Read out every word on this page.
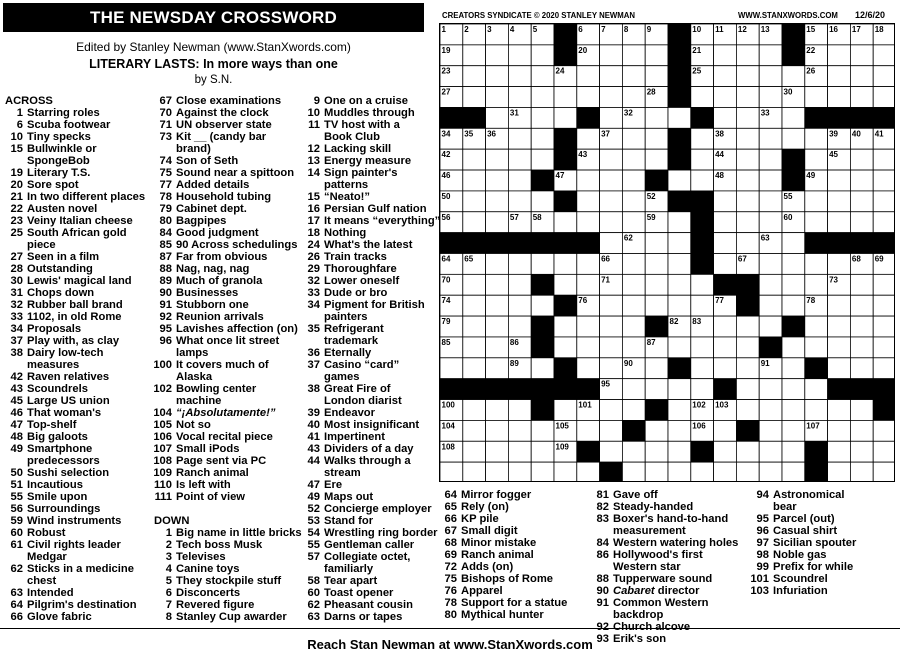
THE NEWSDAY CROSSWORD
Edited by Stanley Newman (www.StanXwords.com)
LITERARY LASTS: In more ways than one
by S.N.
ACROSS
1 Starring roles
6 Scuba footwear
10 Tiny specks
15 Bullwinkle or
SpongeBob
19 Literary T.S.
20 Sore spot
21 In two different places
22 Austen novel
23 Veiny Italian cheese
25 South African gold
piece
27 Seen in a film
28 Outstanding
30 Lewis' magical land
31 Chops down
32 Rubber ball brand
33 1102, in old Rome
34 Proposals
37 Play with, as clay
38 Dairy low-tech
measures
42 Raven relatives
43 Scoundrels
45 Large US union
46 That woman's
47 Top-shelf
48 Big galoots
49 Smartphone
predecessors
50 Sushi selection
51 Incautious
55 Smile upon
56 Surroundings
59 Wind instruments
60 Robust
61 Civil rights leader
Medgar
62 Sticks in a medicine
chest
63 Intended
64 Pilgrim's destination
66 Glove fabric
67 Close examinations
70 Against the clock
71 UN observer state
73 Kit __ (candy bar
brand)
74 Son of Seth
75 Sound near a spittoon
77 Added details
78 Household tubing
79 Cabinet dept.
80 Bagpipes
84 Good judgment
85 90 Across schedulings
87 Far from obvious
88 Nag, nag, nag
89 Much of granola
90 Businesses
91 Stubborn one
92 Reunion arrivals
95 Lavishes affection (on)
96 What once lit street
lamps
100 It covers much of
Alaska
102 Bowling center
machine
104 “¡Absolutamente!”
105 Not so
106 Vocal recital piece
107 Small iPods
108 Page sent via PC
109 Ranch animal
110 Is left with
111 Point of view
DOWN
1 Big name in little bricks
2 Tech boss Musk
3 Televises
4 Canine toys
5 They stockpile stuff
6 Disconcerts
7 Revered figure
8 Stanley Cup awarder
9 One on a cruise
10 Muddles through
11 TV host with a
Book Club
12 Lacking skill
13 Energy measure
14 Sign painter's
patterns
15 “Neato!”
16 Persian Gulf nation
17 It means “everything”
18 Nothing
24 What's the latest
26 Train tracks
29 Thoroughfare
32 Lower oneself
33 Dude or bro
34 Pigment for British
painters
35 Refrigerant
trademark
36 Eternally
37 Casino “card”
games
38 Great Fire of
London diarist
39 Endeavor
40 Most insignificant
41 Impertinent
43 Dividers of a day
44 Walks through a
stream
47 Ere
49 Maps out
52 Concierge employer
53 Stand for
54 Wrestling ring border
55 Gentleman caller
57 Collegiate octet,
familiarly
58 Tear apart
60 Toast opener
62 Pheasant cousin
63 Darns or tapes
64 Mirror fogger
65 Rely (on)
66 KP pile
67 Small digit
68 Minor mistake
69 Ranch animal
72 Adds (on)
75 Bishops of Rome
76 Apparel
78 Support for a statue
80 Mythical hunter
81 Gave off
82 Steady-handed
83 Boxer's hand-to-hand
measurement
84 Western watering holes
86 Hollywood's first
Western star
88 Tupperware sound
90 Cabaret director
91 Common Western
backdrop
92 Church alcove
93 Erik's son
94 Astronomical
bear
95 Parcel (out)
96 Casual shirt
97 Sicilian spouter
98 Noble gas
99 Prefix for while
101 Scoundrel
103 Infuriation
CREATORS SYNDICATE © 2020 STANLEY NEWMAN	WWW.STANXWORDS.COM 12/6/20
1 2 3 4 5	6 7 8 9	10 11 12 13 14 15 16 17 18
19	20	21	22
23	24	25	26
27	28 29	30
31	32	33
34 35 36	37	38	39 40 41
42	43	44	45
46	47	48	49
50	51	52 53 54	55
56	57 58	59	60
61	62	63
64 65	66	67	68 69
70	71	72	73
74	75 76	77	78
79	80	81 82 83	84
85	86	87	88
89	90	91
92 93 94	95	96	97 98
100	101	102 103
104	105	106	107
108	109	110	111
Reach Stan Newman at www.StanXwords.com
